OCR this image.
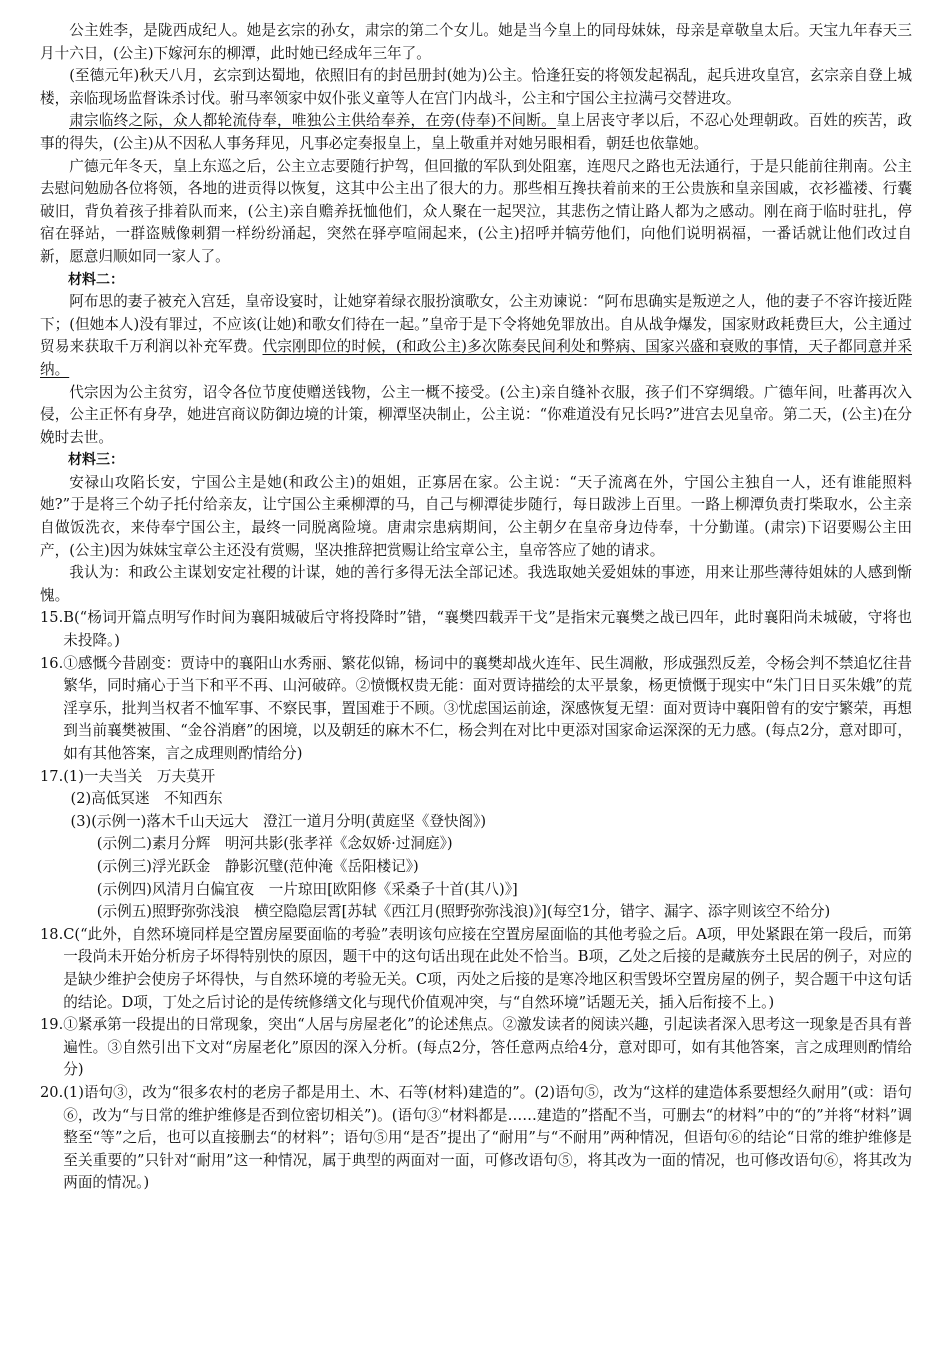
公主姓李，是陇西成纪人。她是玄宗的孙女，肃宗的第二个女儿。她是当今皇上的同母妹妹，母亲是章敬皇太后。天宝九年春天三月十六日，(公主)下嫁河东的柳潭，此时她已经成年三年了。

(至德元年)秋天八月，玄宗到达蜀地，依照旧有的封邑册封(她为)公主。恰逢狂妄的将领发起祸乱，起兵进攻皇宫，玄宗亲自登上城楼，亲临现场监督诛杀讨伐。驸马率领家中奴仆张义童等人在宫门内战斗，公主和宁国公主拉满弓交替进攻。

肃宗临终之际，众人都轮流侍奉，唯独公主供给奉养，在旁(侍奉)不间断。皇上居丧守孝以后，不忍心处理朝政。百姓的疾苦，政事的得失，(公主)从不因私人事务拜见，凡事必定奏报皇上，皇上敬重并对她另眼相看，朝廷也依靠她。

广德元年冬天，皇上东巡之后，公主立志要随行护驾，但回撤的军队到处阻塞，连咫尺之路也无法通行，于是只能前往荆南。公主去慰问勉励各位将领，各地的进贡得以恢复，这其中公主出了很大的力。那些相互搀扶着前来的王公贵族和皇亲国戚，衣衫褴褛、行囊破旧，背负着孩子排着队而来，(公主)亲自赡养抚恤他们，众人聚在一起哭泣，其悲伤之情让路人都为之感动。刚在商于临时驻扎，停宿在驿站，一群盗贼像刺猬一样纷纷涌起，突然在驿亭喧闹起来，(公主)招呼并犒劳他们，向他们说明祸福，一番话就让他们改过自新，愿意归顺如同一家人了。

材料二：

阿布思的妻子被充入宫廷，皇帝设宴时，让她穿着绿衣服扮演歌女，公主劝谏说：“阿布思确实是叛逆之人，他的妻子不容许接近陛下；(但她本人)没有罪过，不应该(让她)和歌女们待在一起。”皇帝于是下令将她免罪放出。自从战争爆发，国家财政耗费巨大，公主通过贸易来获取千万利润以补充军费。代宗刚即位的时候，(和政公主)多次陈奏民间利处和弊病、国家兴盛和衰败的事情，天子都同意并采纳。

代宗因为公主贫穷，诏令各位节度使赠送钱物，公主一概不接受。(公主)亲自缝补衣服，孩子们不穿绸缎。广德年间，吐蕃再次入侵，公主正怀有身孕，她进宫商议防御边境的计策，柳潭坚决制止，公主说：“你难道没有兄长吗?”进宫去见皇帝。第二天，(公主)在分娩时去世。

材料三：

安禄山攻陷长安，宁国公主是她(和政公主)的姐姐，正寡居在家。公主说：“天子流离在外，宁国公主独自一人，还有谁能照料她?”于是将三个幼子托付给亲友，让宁国公主乘柳潭的马，自己与柳潭徒步随行，每日跋涉上百里。一路上柳潭负责打柴取水，公主亲自做饭洗衣，来侍奉宁国公主，最终一同脱离险境。唐肃宗患病期间，公主朝夕在皇帝身边侍奉，十分勤谨。(肃宗)下诏要赐公主田产，(公主)因为妹妹宝章公主还没有赏赐，坚决推辞把赏赐让给宝章公主，皇帝答应了她的请求。

我认为：和政公主谋划安定社稷的计谋，她的善行多得无法全部记述。我选取她关爱姐妹的事迹，用来让那些薄待姐妹的人感到惭愧。

15. B(“杨词开篇点明写作时间为襄阳城破后守将投降时”错，“襄樊四载弄干戈”是指宋元襄樊之战已四年，此时襄阳尚未城破，守将也未投降。)
16. ①感慨今昔剧变：贾诗中的襄阳山水秀丽、繁花似锦，杨词中的襄樊却战火连年、民生凋敝，形成强烈反差，令杨会判不禁追忆往昔繁华，同时痛心于当下和平不再、山河破碎。②愤慨权贵无能：面对贾诗描绘的太平景象，杨更愤慨于现实中“朱门日日买朱娥”的荒淫享乐，批判当权者不恤军事、不察民事，置国难于不顾。③忧虑国运前途，深感恢复无望：面对贾诗中襄阳曾有的安宁繁荣，再想到当前襄樊被围、“金谷消磨”的困境，以及朝廷的麻木不仁，杨会判在对比中更添对国家命运深深的无力感。(每点2分，意对即可，如有其他答案，言之成理则酌情给分)
17. (1)一夫当关　万夫莫开
(2)高低冥迷　不知西东
(3)(示例一)落木千山天远大　澄江一道月分明(黄庭坚《登快阁》)
(示例二)素月分辉　明河共影(张孝祥《念奴娇·过洞庭》)
(示例三)浮光跃金　静影沉璧(范仲淹《岳阳楼记》)
(示例四)风清月白偏宜夜　一片琼田[欧阳修《采桑子十首(其八)》]
(示例五)照野弥弥浅浪　横空隐隐层霄[苏轼《西江月(照野弥弥浅浪)》](每空1分，错字、漏字、添字则该空不给分)
18. C(“此外，自然环境同样是空置房屋要面临的考验”表明该句应接在空置房屋面临的其他考验之后。A项，甲处紧跟在第一段后，而第一段尚未开始分析房子坏得特别快的原因，题干中的这句话出现在此处不恰当。B项，乙处之后接的是藏族夯土民居的例子，对应的是缺少维护会使房子坏得快，与自然环境的考验无关。C项，丙处之后接的是寒冷地区积雪毁坏空置房屋的例子，契合题干中这句话的结论。D项，丁处之后讨论的是传统修缮文化与现代价值观冲突，与“自然环境”话题无关，插入后衔接不上。)
19. ①紧承第一段提出的日常现象，突出“人居与房屋老化”的论述焦点。②激发读者的阅读兴趣，引起读者深入思考这一现象是否具有普遍性。③自然引出下文对“房屋老化”原因的深入分析。(每点2分，答任意两点给4分，意对即可，如有其他答案，言之成理则酌情给分)
20. (1)语句③，改为“很多农村的老房子都是用土、木、石等(材料)建造的”。(2)语句⑤，改为“这样的建造体系要想经久耐用”(或：语句⑥，改为“与日常的维护维修是否到位密切相关”)。(语句③“材料都是……建造的”搭配不当，可删去“的材料”中的“的”并将“材料”调整至“等”之后，也可以直接删去“的材料”；语句⑤用“是否”提出了“耐用”与“不耐用”两种情况，但语句⑥的结论“日常的维护维修是至关重要的”只针对“耐用”这一种情况，属于典型的两面对一面，可修改语句⑤，将其改为一面的情况，也可修改语句⑥，将其改为两面的情况。)
